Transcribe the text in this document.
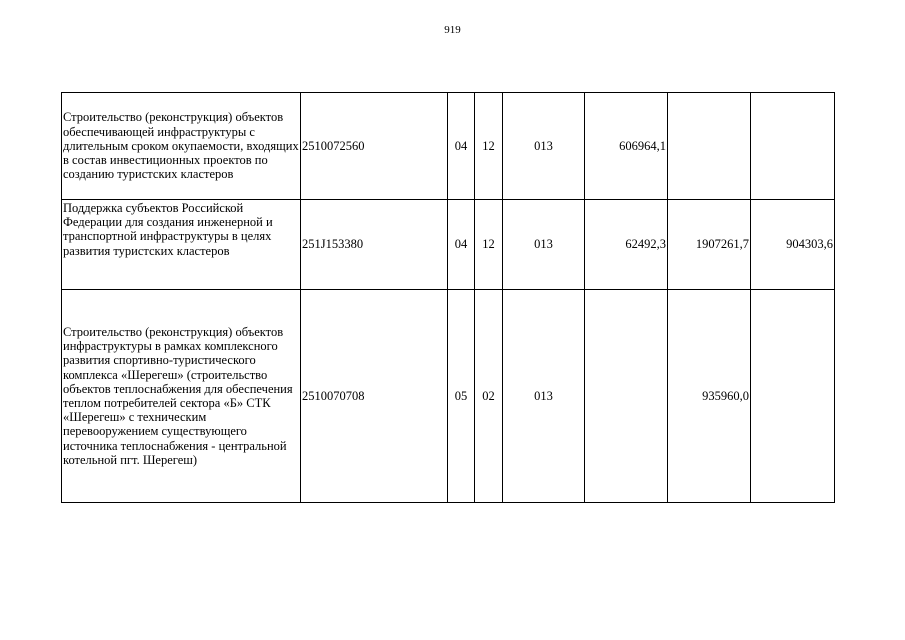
919
Строительство (реконструкция) объектов обеспечивающей инфраструктуры с длительным сроком окупаемости, входящих в состав инвестиционных проектов по созданию туристских кластеров	2510072560	04	12	013	606964,1		
Поддержка субъектов Российской Федерации для создания инженерной и транспортной инфраструктуры в целях развития туристских кластеров	251J153380	04	12	013	62492,3	1907261,7	904303,6
Строительство (реконструкция) объектов инфраструктуры в рамках комплексного развития спортивно-туристического комплекса «Шерегеш» (строительство объектов теплоснабжения для обеспечения теплом потребителей сектора «Б» СТК «Шерегеш» с техническим перевооружением существующего источника теплоснабжения - центральной котельной пгт. Шерегеш)	2510070708	05	02	013		935960,0	
